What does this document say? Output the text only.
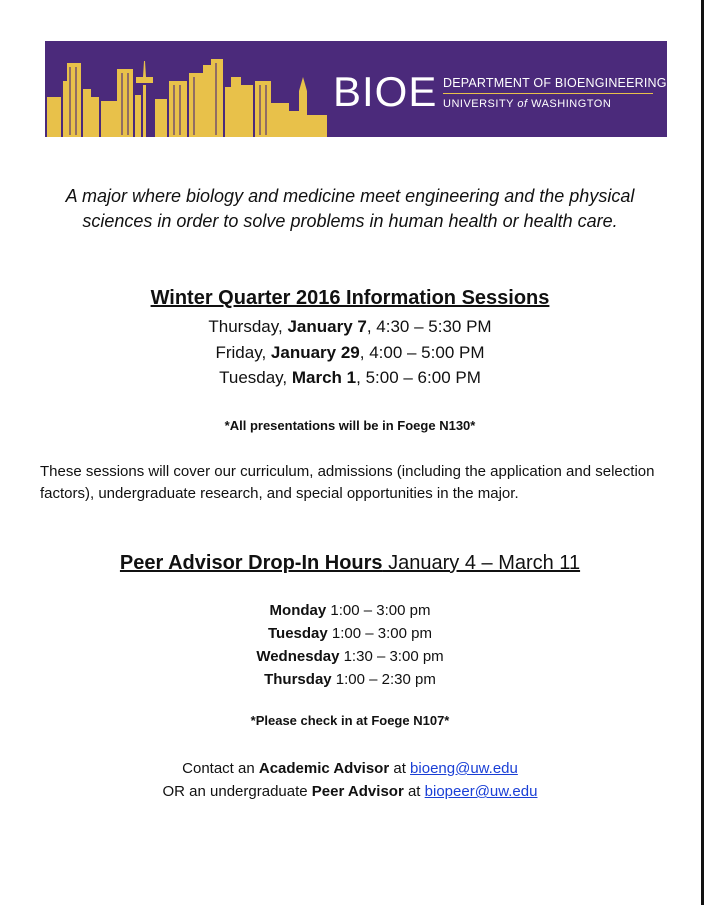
BIOE DEPARTMENT OF BIOENGINEERING
UNIVERSITY of WASHINGTON
A major where biology and medicine meet engineering and the physical sciences in order to solve problems in human health or health care.
Winter Quarter 2016 Information Sessions
Thursday, January 7, 4:30 – 5:30 PM
Friday, January 29, 4:00 – 5:00 PM
Tuesday, March 1, 5:00 – 6:00 PM
*All presentations will be in Foege N130*
These sessions will cover our curriculum, admissions (including the application and selection factors), undergraduate research, and special opportunities in the major.
Peer Advisor Drop-In Hours January 4 – March 11
Monday 1:00 – 3:00 pm
Tuesday 1:00 – 3:00 pm
Wednesday 1:30 – 3:00 pm
Thursday 1:00 – 2:30 pm
*Please check in at Foege N107*
Contact an Academic Advisor at bioeng@uw.edu
OR an undergraduate Peer Advisor at biopeer@uw.edu
